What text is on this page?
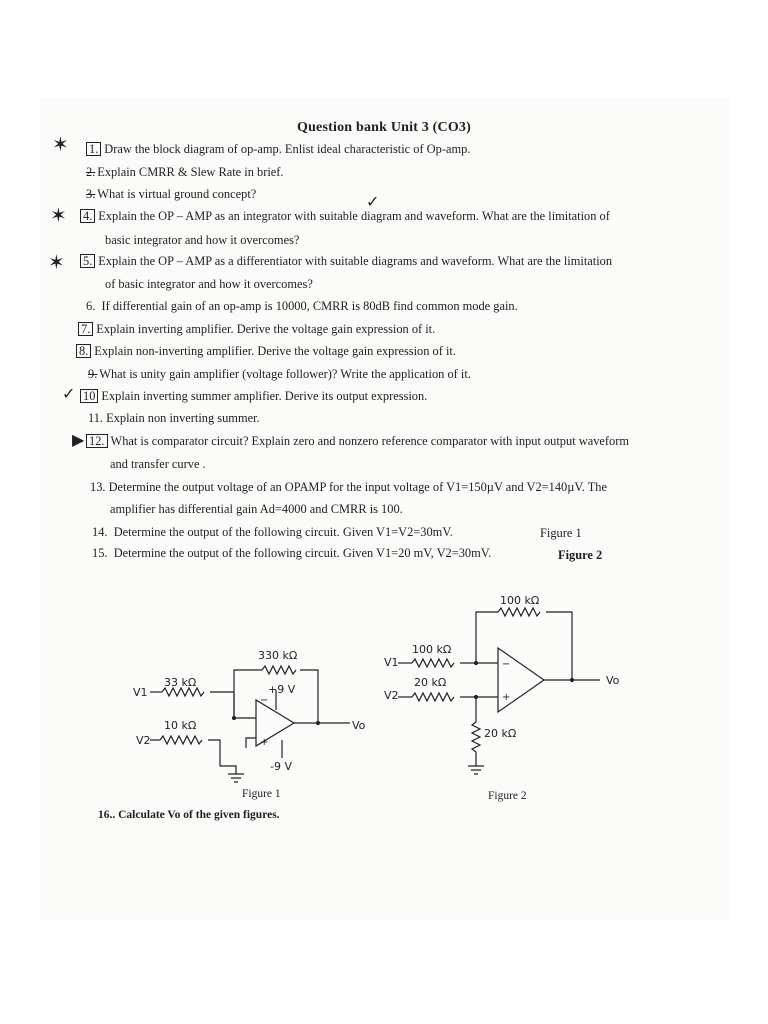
Question bank Unit 3 (CO3)
✶
✶
✶
✓
▶
✓
1. Draw the block diagram of op-amp. Enlist ideal characteristic of Op-amp.
2. Explain CMRR & Slew Rate in brief.
3. What is virtual ground concept?
4. Explain the OP – AMP as an integrator with suitable diagram and waveform. What are the limitation of
basic integrator and how it overcomes?
5. Explain the OP – AMP as a differentiator with suitable diagrams and waveform. What are the limitation
of basic integrator and how it overcomes?
6. If differential gain of an op-amp is 10000, CMRR is 80dB find common mode gain.
7. Explain inverting amplifier. Derive the voltage gain expression of it.
8. Explain non-inverting amplifier. Derive the voltage gain expression of it.
9. What is unity gain amplifier (voltage follower)? Write the application of it.
10 Explain inverting summer amplifier. Derive its output expression.
11. Explain non inverting summer.
12. What is comparator circuit? Explain zero and nonzero reference comparator with input output waveform
and transfer curve .
13. Determine the output voltage of an OPAMP for the input voltage of V1=150µV and V2=140µV. The
amplifier has differential gain Ad=4000 and CMRR is 100.
14. Determine the output of the following circuit. Given V1=V2=30mV.	Figure 1
15. Determine the output of the following circuit. Given V1=20 mV, V2=30mV.	Figure 2
−
+
−
+
330 kΩ
33 kΩ
10 kΩ
+9 V
-9 V
V1
V2
Vo
Figure 1
100 kΩ
100 kΩ
20 kΩ
20 kΩ
V1
V2
Vo
Figure 2
16.. Calculate Vo of the given figures.
